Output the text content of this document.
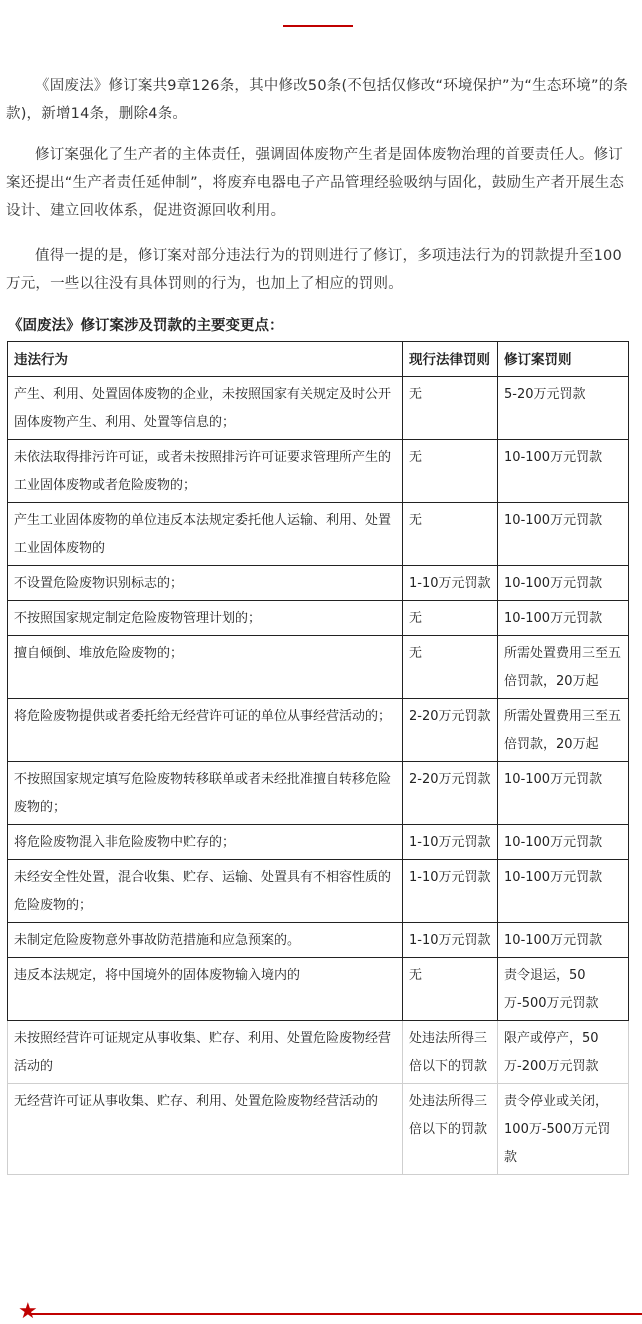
《固废法》修订案共9章126条，其中修改50条(不包括仅修改“环境保护”为“生态环境”的条款)，新增14条，删除4条。

修订案强化了生产者的主体责任，强调固体废物产生者是固体废物治理的首要责任人。修订案还提出“生产者责任延伸制”，将废弃电器电子产品管理经验吸纳与固化，鼓励生产者开展生态设计、建立回收体系，促进资源回收利用。

值得一提的是，修订案对部分违法行为的罚则进行了修订，多项违法行为的罚款提升至100万元，一些以往没有具体罚则的行为，也加上了相应的罚则。

《固废法》修订案涉及罚款的主要变更点：
违法行为	现行法律罚则	修订案罚则
产生、利用、处置固体废物的企业，未按照国家有关规定及时公开固体废物产生、利用、处置等信息的；	无	5-20万元罚款
未依法取得排污许可证，或者未按照排污许可证要求管理所产生的工业固体废物或者危险废物的；	无	10-100万元罚款
产生工业固体废物的单位违反本法规定委托他人运输、利用、处置工业固体废物的	无	10-100万元罚款
不设置危险废物识别标志的；	1-10万元罚款	10-100万元罚款
不按照国家规定制定危险废物管理计划的；	无	10-100万元罚款
擅自倾倒、堆放危险废物的；	无	所需处置费用三至五倍罚款，20万起
将危险废物提供或者委托给无经营许可证的单位从事经营活动的；	2-20万元罚款	所需处置费用三至五倍罚款，20万起
不按照国家规定填写危险废物转移联单或者未经批准擅自转移危险废物的；	2-20万元罚款	10-100万元罚款
将危险废物混入非危险废物中贮存的；	1-10万元罚款	10-100万元罚款
未经安全性处置，混合收集、贮存、运输、处置具有不相容性质的危险废物的；	1-10万元罚款	10-100万元罚款
未制定危险废物意外事故防范措施和应急预案的。	1-10万元罚款	10-100万元罚款
违反本法规定，将中国境外的固体废物输入境内的	无	责令退运，50万-500万元罚款
未按照经营许可证规定从事收集、贮存、利用、处置危险废物经营活动的	处违法所得三倍以下的罚款	限产或停产，50万-200万元罚款
无经营许可证从事收集、贮存、利用、处置危险废物经营活动的	处违法所得三倍以下的罚款	责令停业或关闭，100万-500万元罚款
★
